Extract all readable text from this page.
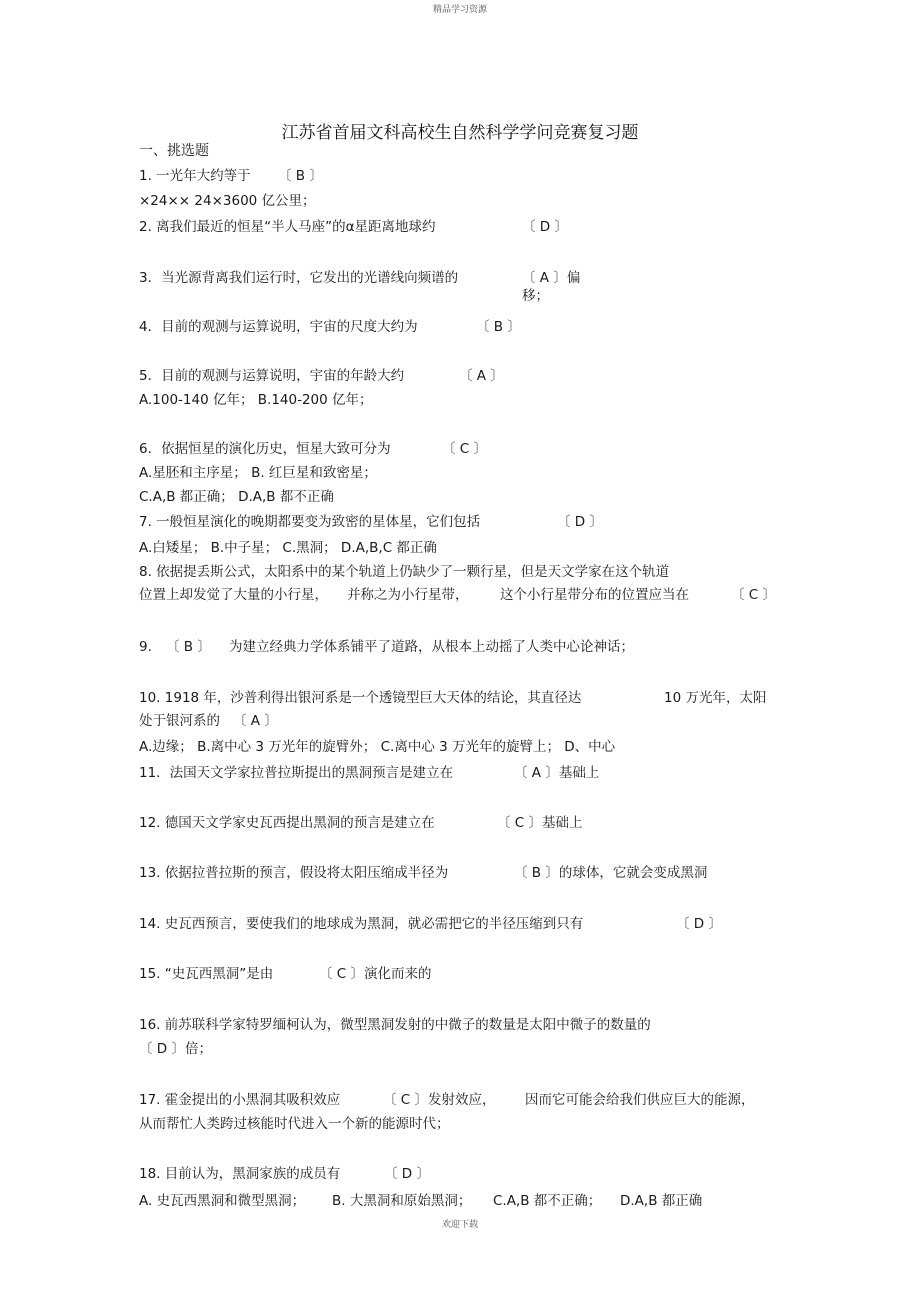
精品学习资源
江苏省首届文科高校生自然科学学问竞赛复习题
一、挑选题
1. 一光年大约等于 〔 B 〕
×24×× 24×3600 亿公里；
2. 离我们最近的恒星“半人马座”的α星距离地球约	〔 D 〕
3．当光源背离我们运行时，它发出的光谱线向频谱的	〔 A 〕偏
移；
4．目前的观测与运算说明，宇宙的尺度大约为	〔 B 〕
5．目前的观测与运算说明，宇宙的年龄大约	〔 A 〕
A.100-140 亿年； B.140-200 亿年；
6．依据恒星的演化历史，恒星大致可分为	〔 C 〕
A.星胚和主序星； B. 红巨星和致密星；
C.A,B 都正确； D.A,B 都不正确
7. 一般恒星演化的晚期都要变为致密的星体星，它们包括	〔 D 〕
A.白矮星； B.中子星； C.黑洞； D.A,B,C 都正确
8. 依据提丢斯公式，太阳系中的某个轨道上仍缺少了一颗行星，但是天文学家在这个轨道
位置上却发觉了大量的小行星， 并称之为小行星带， 这个小行星带分布的位置应当在	〔 C 〕
9. 〔 B 〕 为建立经典力学体系铺平了道路，从根本上动摇了人类中心论神话；
10. 1918 年，沙普利得出银河系是一个透镜型巨大天体的结论，其直径达	10 万光年，太阳
处于银河系的 〔 A 〕
A.边缘； B.离中心 3 万光年的旋臂外； C.离中心 3 万光年的旋臂上； D、中心
11．法国天文学家拉普拉斯提出的黑洞预言是建立在	〔 A 〕基础上
12. 德国天文学家史瓦西提出黑洞的预言是建立在	〔 C 〕基础上
13. 依据拉普拉斯的预言，假设将太阳压缩成半径为	〔 B 〕的球体，它就会变成黑洞
14. 史瓦西预言，要使我们的地球成为黑洞，就必需把它的半径压缩到只有	〔 D 〕
15. “史瓦西黑洞”是由	〔 C 〕演化而来的
16. 前苏联科学家特罗缅柯认为，微型黑洞发射的中微子的数量是太阳中微子的数量的
〔 D 〕倍；
17. 霍金提出的小黑洞其吸积效应	〔 C 〕发射效应， 因而它可能会给我们供应巨大的能源，
从而帮忙人类跨过核能时代进入一个新的能源时代；
18. 目前认为，黑洞家族的成员有	〔 D 〕
A. 史瓦西黑洞和微型黑洞； B. 大黑洞和原始黑洞； C.A,B 都不正确； D.A,B 都正确
欢迎下载
